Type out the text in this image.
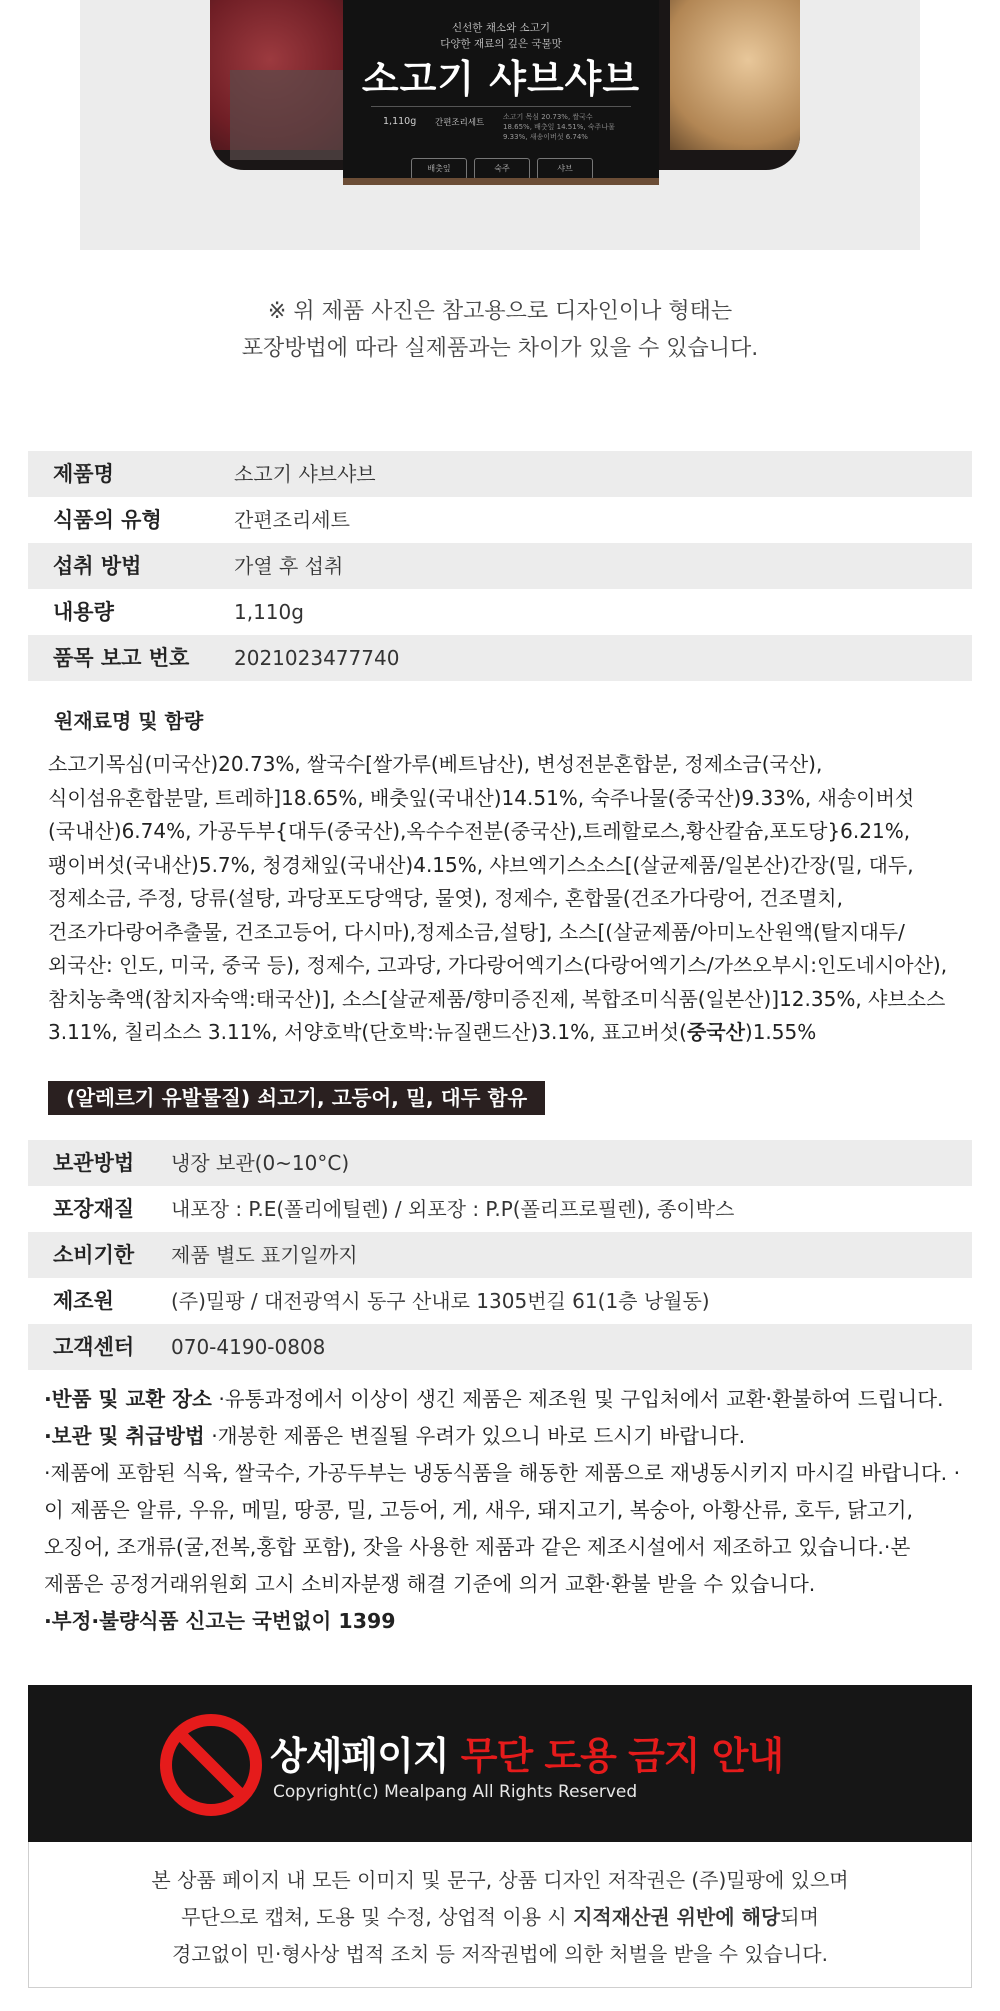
신선한 채소와 소고기
다양한 재료의 깊은 국물맛
소고기 샤브샤브
1,110g 간편조리세트
소고기 목심 20.73%, 쌀국수 18.65%, 배춧잎 14.51%, 숙주나물 9.33%, 새송이버섯 6.74%
배춧잎	숙주	샤브
※ 위 제품 사진은 참고용으로 디자인이나 형태는
포장방법에 따라 실제품과는 차이가 있을 수 있습니다.
제품명	소고기 샤브샤브
식품의 유형	간편조리세트
섭취 방법	가열 후 섭취
내용량	1,110g
품목 보고 번호 2021023477740
원재료명 및 함량
소고기목심(미국산)20.73%, 쌀국수[쌀가루(베트남산), 변성전분혼합분, 정제소금(국산), 식이섬유혼합분말, 트레하]18.65%, 배춧잎(국내산)14.51%, 숙주나물(중국산)9.33%, 새송이버섯(국내산)6.74%, 가공두부{대두(중국산),옥수수전분(중국산),트레할로스,황산칼슘,포도당}6.21%, 팽이버섯(국내산)5.7%, 청경채잎(국내산)4.15%, 샤브엑기스소스[(살균제품/일본산)간장(밀, 대두, 정제소금, 주정, 당류(설탕, 과당포도당액당, 물엿), 정제수, 혼합물(건조가다랑어, 건조멸치, 건조가다랑어추출물, 건조고등어, 다시마),정제소금,설탕], 소스[(살균제품/아미노산원액(탈지대두/외국산: 인도, 미국, 중국 등), 정제수, 고과당, 가다랑어엑기스(다랑어엑기스/가쓰오부시:인도네시아산), 참치농축액(참치자숙액:태국산)], 소스[살균제품/향미증진제, 복합조미식품(일본산)]12.35%, 샤브소스 3.11%, 칠리소스 3.11%, 서양호박(단호박:뉴질랜드산)3.1%, 표고버섯(중국산)1.55%
(알레르기 유발물질) 쇠고기, 고등어, 밀, 대두 함유
보관방법 냉장 보관(0~10°C)
포장재질 내포장 : P.E(폴리에틸렌) / 외포장 : P.P(폴리프로필렌), 종이박스
소비기한 제품 별도 표기일까지
제조원	(주)밀팡 / 대전광역시 동구 산내로 1305번길 61(1층 낭월동)
고객센터 070-4190-0808
·반품 및 교환 장소 ·유통과정에서 이상이 생긴 제품은 제조원 및 구입처에서 교환·환불하여 드립니다.
·보관 및 취급방법 ·개봉한 제품은 변질될 우려가 있으니 바로 드시기 바랍니다.
·제품에 포함된 식육, 쌀국수, 가공두부는 냉동식품을 해동한 제품으로 재냉동시키지 마시길 바랍니다. ·이 제품은 알류, 우유, 메밀, 땅콩, 밀, 고등어, 게, 새우, 돼지고기, 복숭아, 아황산류, 호두, 닭고기, 오징어, 조개류(굴,전복,홍합 포함), 잣을 사용한 제품과 같은 제조시설에서 제조하고 있습니다.·본 제품은 공정거래위원회 고시 소비자분쟁 해결 기준에 의거 교환·환불 받을 수 있습니다.
·부정·불량식품 신고는 국번없이 1399
상세페이지 무단 도용 금지 안내
Copyright(c) Mealpang All Rights Reserved
본 상품 페이지 내 모든 이미지 및 문구, 상품 디자인 저작권은 (주)밀팡에 있으며
무단으로 캡쳐, 도용 및 수정, 상업적 이용 시 지적재산권 위반에 해당되며
경고없이 민·형사상 법적 조치 등 저작권법에 의한 처벌을 받을 수 있습니다.
